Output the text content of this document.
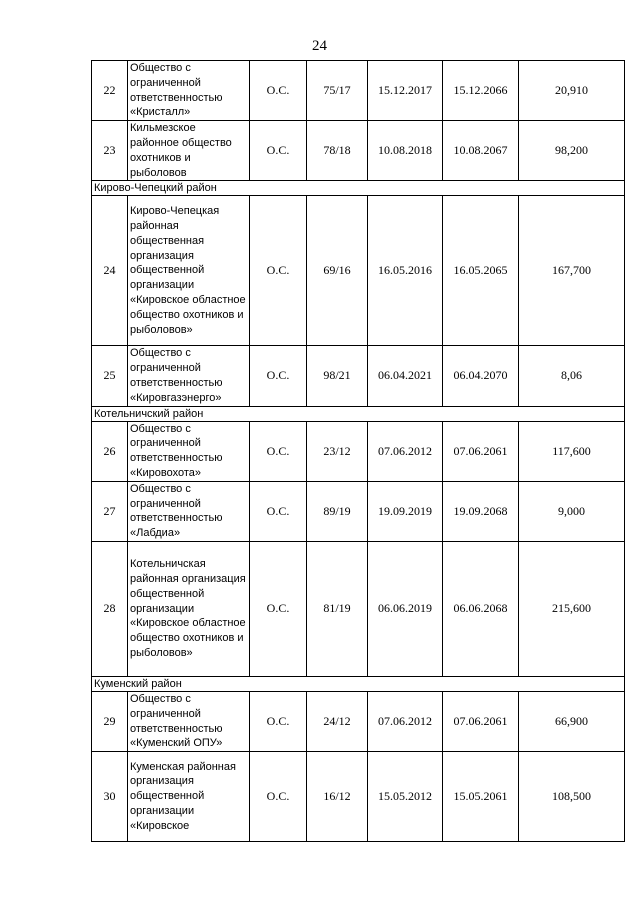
24
22	Общество с ограниченной ответственностью «Кристалл»	О.С.	75/17	15.12.2017	15.12.2066	20,910
23	Кильмезское районное общество охотников и рыболовов	О.С.	78/18	10.08.2018	10.08.2067	98,200
Кирово-Чепецкий район						
24	Кирово-Чепецкая районная общественная организация общественной организации «Кировское областное общество охотников и рыболовов»	О.С.	69/16	16.05.2016	16.05.2065	167,700
25	Общество с ограниченной ответственностью «Кировгазэнерго»	О.С.	98/21	06.04.2021	06.04.2070	8,06
Котельничский район						
26	Общество с ограниченной ответственностью «Кировохота»	О.С.	23/12	07.06.2012	07.06.2061	117,600
27	Общество с ограниченной ответственностью «Лабдиа»	О.С.	89/19	19.09.2019	19.09.2068	9,000
28	Котельничская районная организация общественной организации «Кировское областное общество охотников и рыболовов»	О.С.	81/19	06.06.2019	06.06.2068	215,600
Куменский район						
29	Общество с ограниченной ответственностью «Куменский ОПУ»	О.С.	24/12	07.06.2012	07.06.2061	66,900
30	Куменская районная организация общественной организации «Кировское	О.С.	16/12	15.05.2012	15.05.2061	108,500
